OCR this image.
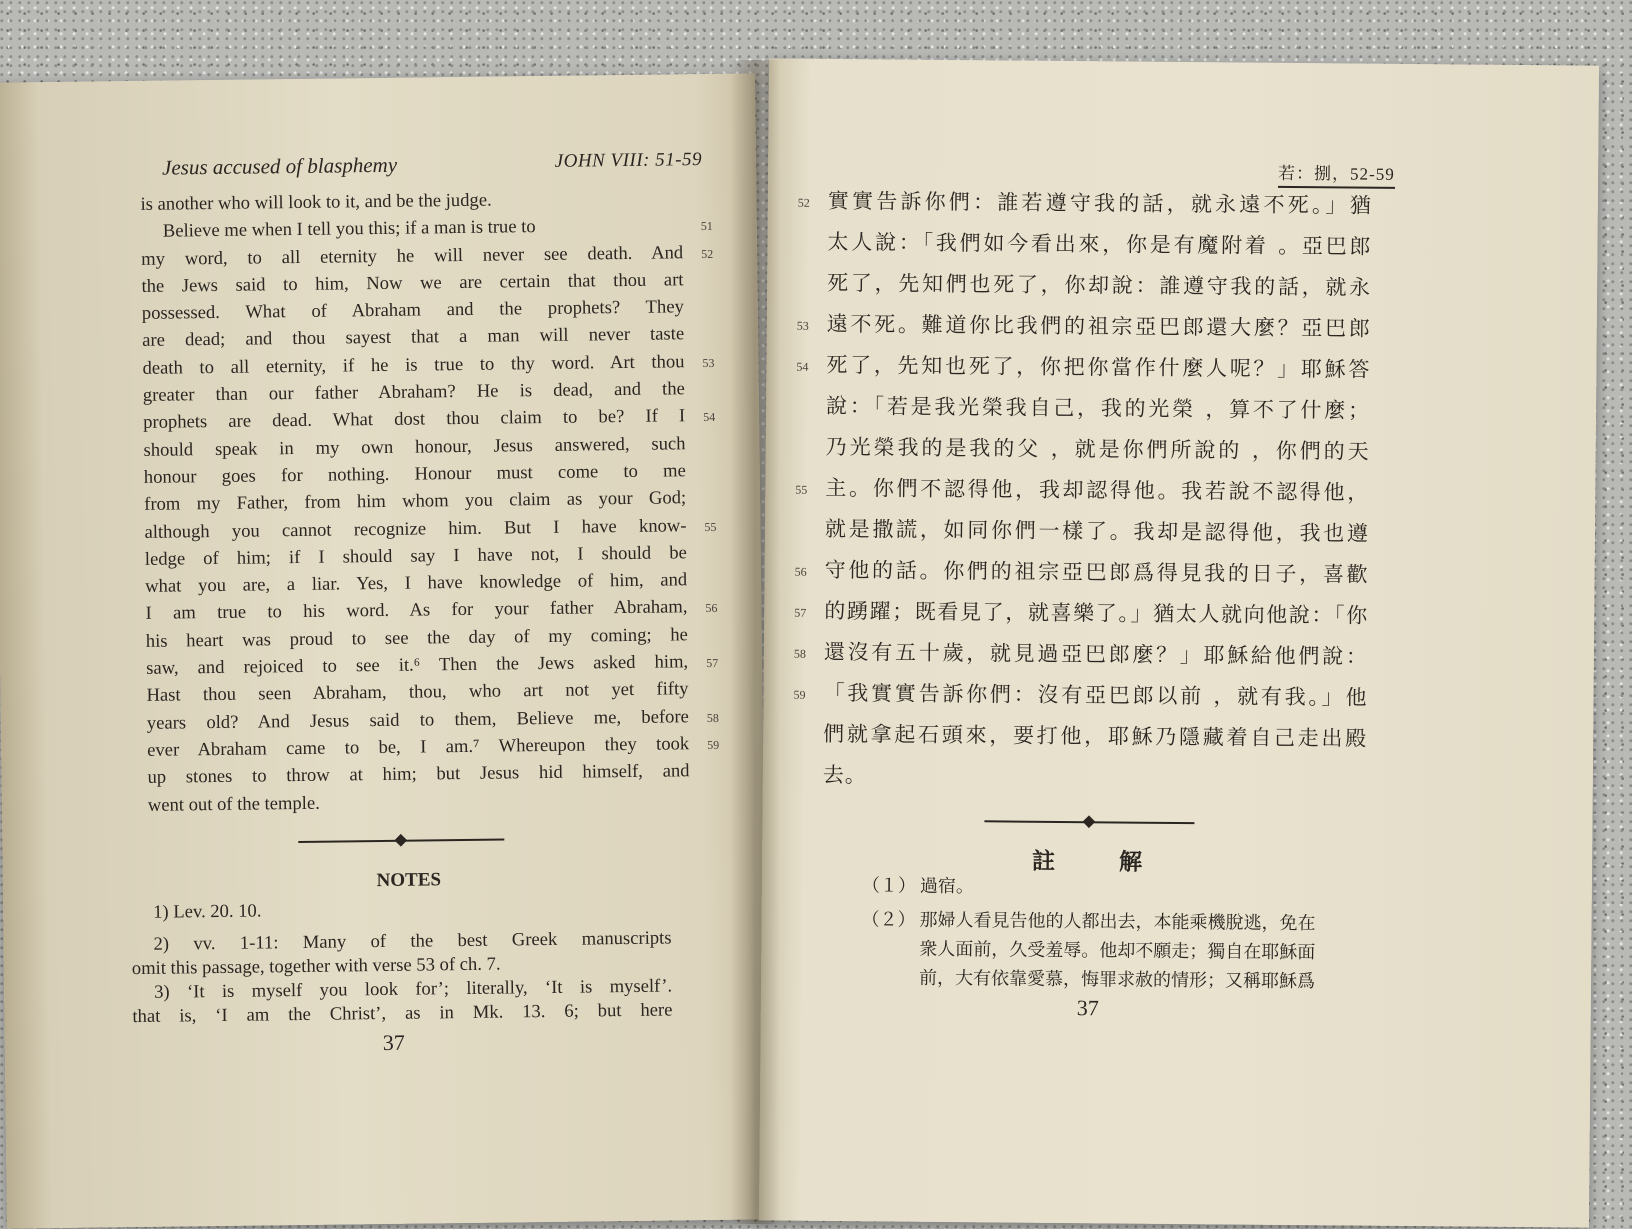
Jesus accused of blasphemy	JOHN VIII: 51-59
is another who will look to it, and be the judge.
Believe me when I tell you this; if a man is true to	51
my word, to all eternity he will never see death. And 52
the Jews said to him, Now we are certain that thou art
possessed. What of Abraham and the prophets? They
are dead; and thou sayest that a man will never taste
death to all eternity, if he is true to thy word. Art thou 53
greater than our father Abraham? He is dead, and the
prophets are dead. What dost thou claim to be? If I 54
should speak in my own honour, Jesus answered, such
honour goes for nothing. Honour must come to me
from my Father, from him whom you claim as your God;
although you cannot recognize him. But I have know- 55
ledge of him; if I should say I have not, I should be
what you are, a liar. Yes, I have knowledge of him, and
I am true to his word. As for your father Abraham, 56
his heart was proud to see the day of my coming; he
saw, and rejoiced to see it.⁶ Then the Jews asked him, 57
Hast thou seen Abraham, thou, who art not yet fifty
years old? And Jesus said to them, Believe me, before 58
ever Abraham came to be, I am.⁷ Whereupon they took 59
up stones to throw at him; but Jesus hid himself, and
went out of the temple.
NOTES
1) Lev. 20. 10.
2) vv. 1-11: Many of the best Greek manuscripts
omit this passage, together with verse 53 of ch. 7.
3) ‘It is myself you look for’; literally, ‘It is myself’.
that is, ‘I am the Christ’, as in Mk. 13. 6; but here
37
若：捌，52-59
實實告訴你們：誰若遵守我的話，就永遠不死。」猶
52
太人說：「我們如今看出來，你是有魔附着 。亞巴郎
死了，先知們也死了，你却說：誰遵守我的話，就永
遠不死。難道你比我們的祖宗亞巴郎還大麼？亞巴郎
53
死了，先知也死了，你把你當作什麼人呢？」耶穌答
54
說：「若是我光榮我自己，我的光榮 ，算不了什麼；
乃光榮我的是我的父 ，就是你們所說的 ，你們的天
主。你們不認得他，我却認得他。我若說不認得他，
55
就是撒謊，如同你們一樣了。我却是認得他，我也遵
守他的話。你們的祖宗亞巴郎爲得見我的日子，喜歡
56
的踴躍；既看見了，就喜樂了。」猶太人就向他說：「你
57
還沒有五十歲，就見過亞巴郎麼？」耶穌給他們說：
58
「我實實告訴你們：沒有亞巴郎以前 ，就有我。」他
59
們就拿起石頭來，要打他，耶穌乃隱藏着自己走出殿
去。
註解
（１） 過宿。
（２） 那婦人看見告他的人都出去，本能乘機脫逃，免在
衆人面前，久受羞辱。他却不願走；獨自在耶穌面
前，大有依靠愛慕，悔罪求赦的情形；又稱耶穌爲
37
